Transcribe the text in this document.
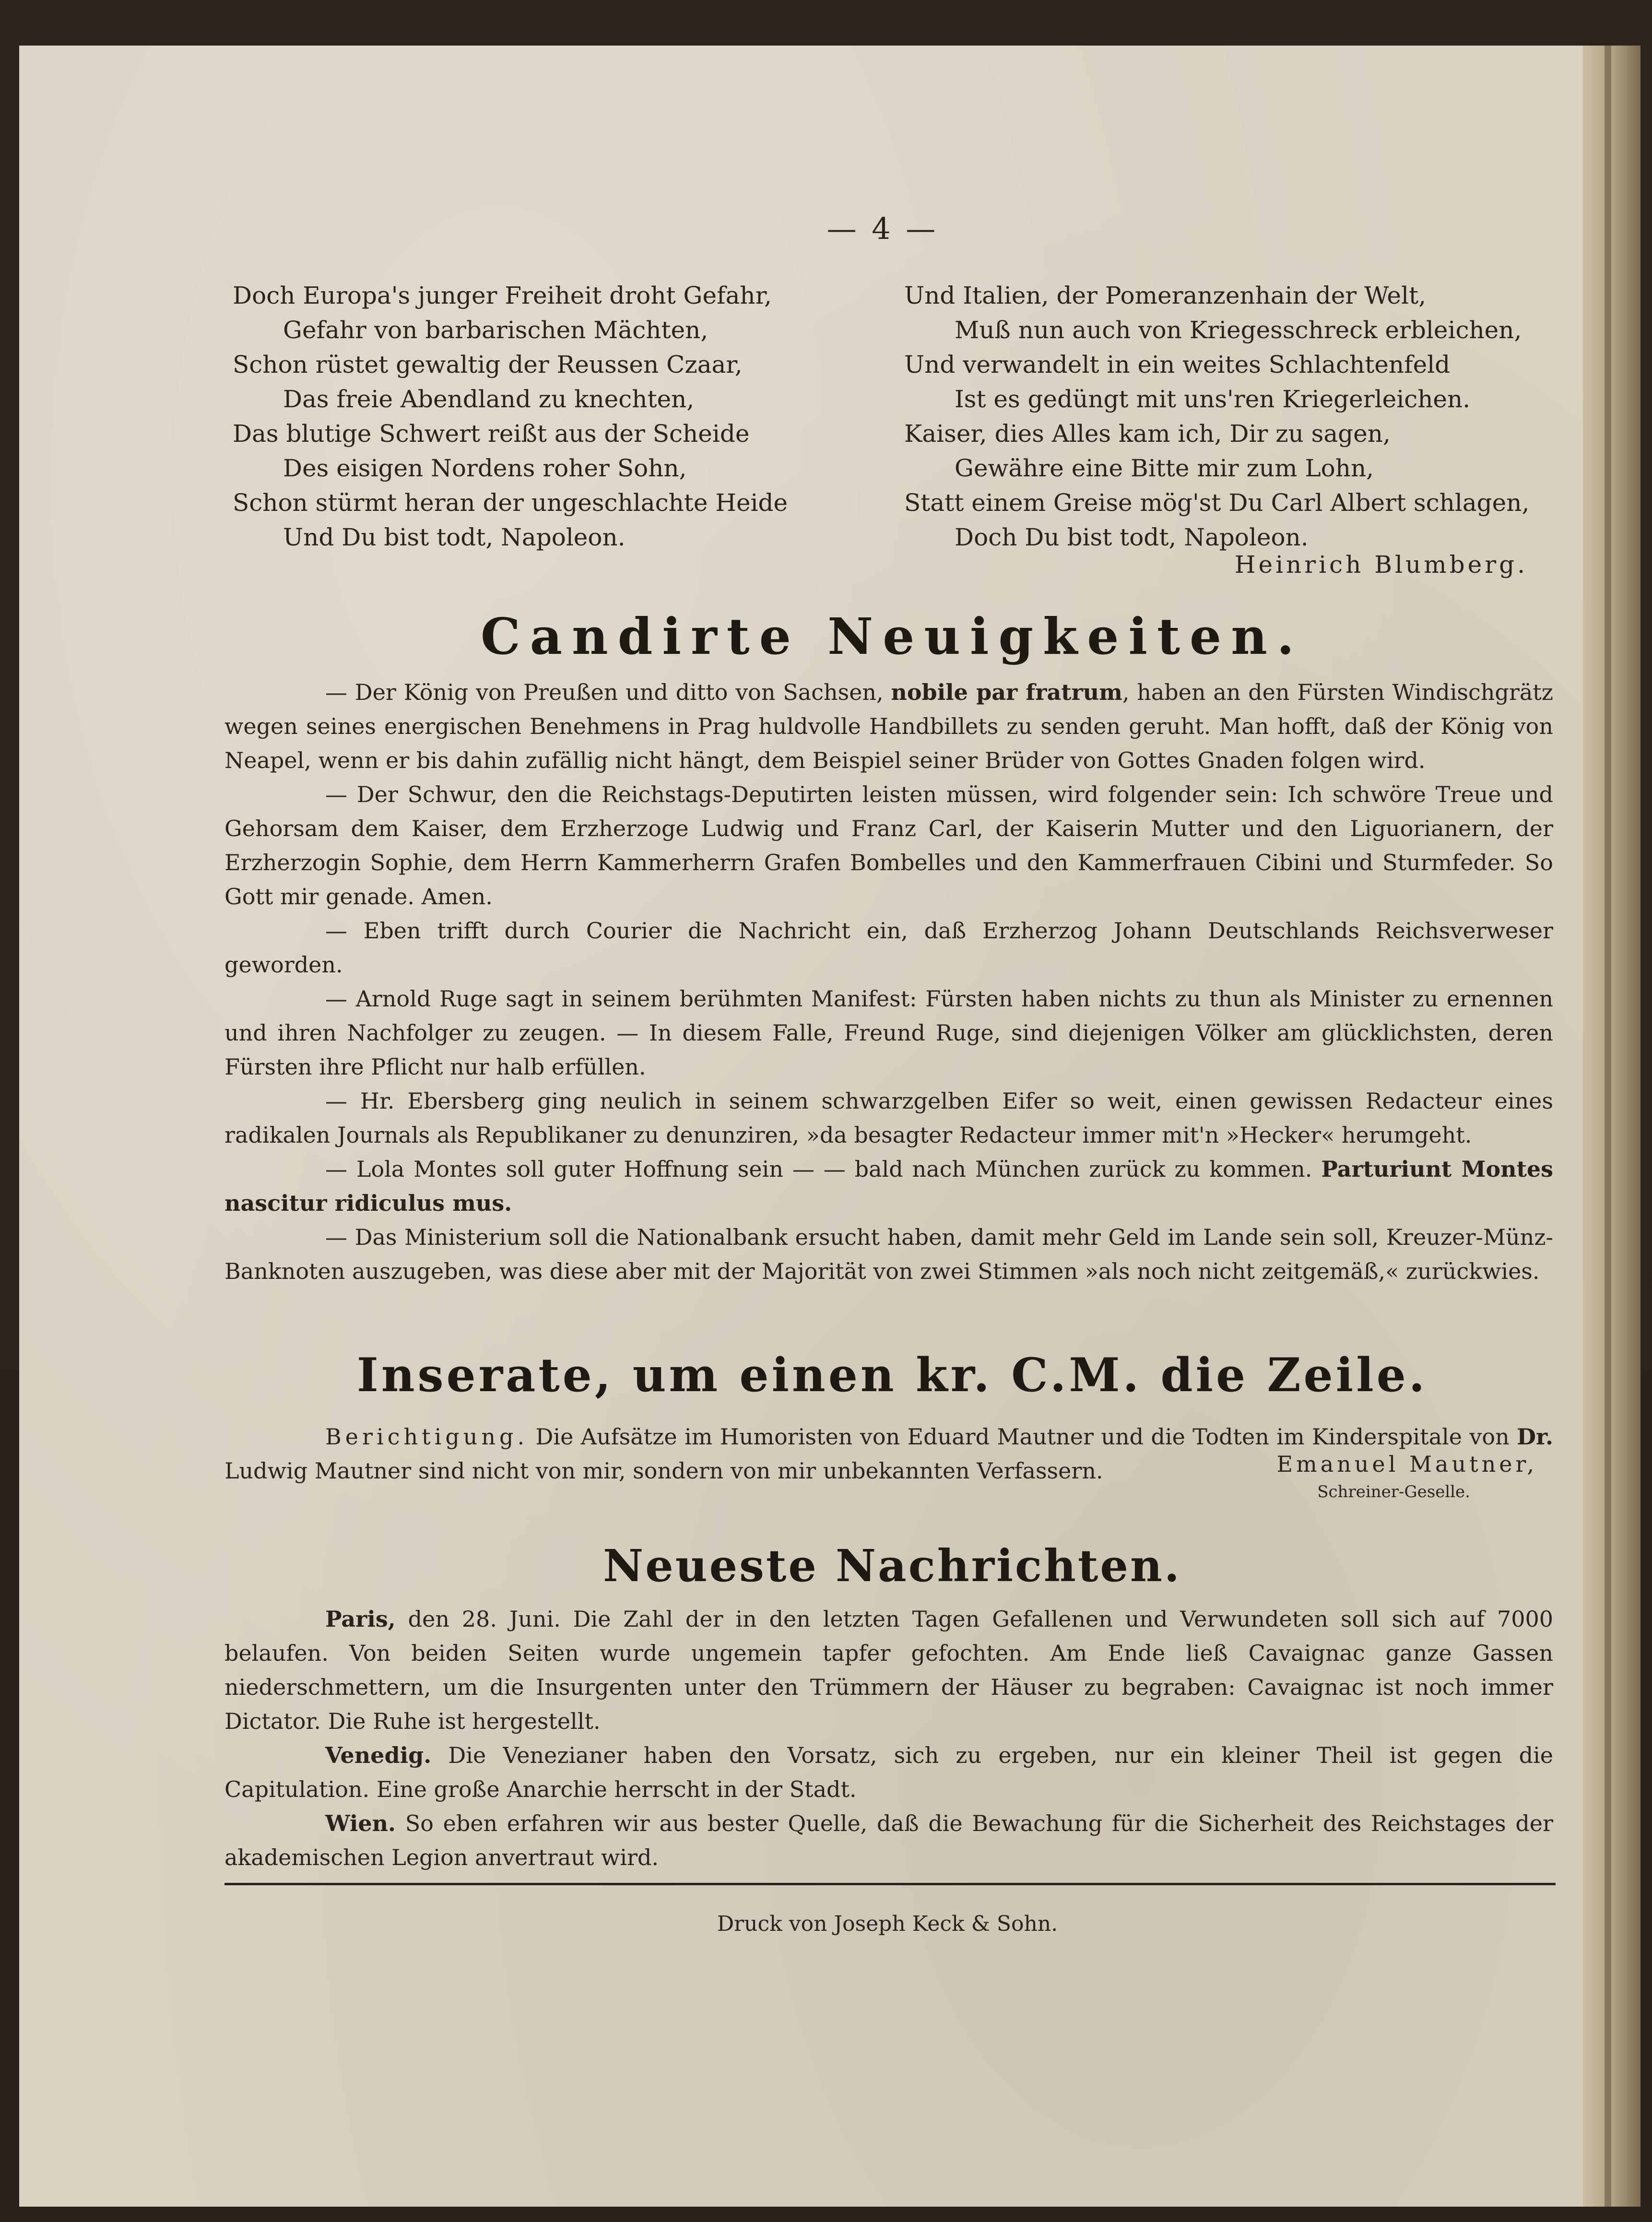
— 4 —
Doch Europa's junger Freiheit droht Gefahr,
Gefahr von barbarischen Mächten,
Schon rüstet gewaltig der Reussen Czaar,
Das freie Abendland zu knechten,
Das blutige Schwert reißt aus der Scheide
Des eisigen Nordens roher Sohn,
Schon stürmt heran der ungeschlachte Heide
Und Du bist todt, Napoleon.
Und Italien, der Pomeranzenhain der Welt,
Muß nun auch von Kriegesschreck erbleichen,
Und verwandelt in ein weites Schlachtenfeld
Ist es gedüngt mit uns'ren Kriegerleichen.
Kaiser, dies Alles kam ich, Dir zu sagen,
Gewähre eine Bitte mir zum Lohn,
Statt einem Greise mög'st Du Carl Albert schlagen,
Doch Du bist todt, Napoleon.
Heinrich Blumberg.
Candirte Neuigkeiten.

— Der König von Preußen und ditto von Sachsen, nobile par fratrum, haben an den Fürsten Windischgrätz wegen seines energischen Benehmens in Prag huldvolle Handbillets zu senden geruht. Man hofft, daß der König von Neapel, wenn er bis dahin zufällig nicht hängt, dem Beispiel seiner Brüder von Gottes Gnaden folgen wird.

— Der Schwur, den die Reichstags-Deputirten leisten müssen, wird folgender sein: Ich schwöre Treue und Gehorsam dem Kaiser, dem Erzherzoge Ludwig und Franz Carl, der Kaiserin Mutter und den Liguorianern, der Erzherzogin Sophie, dem Herrn Kammerherrn Grafen Bombelles und den Kammerfrauen Cibini und Sturmfeder. So Gott mir genade. Amen.

— Eben trifft durch Courier die Nachricht ein, daß Erzherzog Johann Deutschlands Reichsverweser geworden.

— Arnold Ruge sagt in seinem berühmten Manifest: Fürsten haben nichts zu thun als Minister zu ernennen und ihren Nachfolger zu zeugen. — In diesem Falle, Freund Ruge, sind diejenigen Völker am glücklichsten, deren Fürsten ihre Pflicht nur halb erfüllen.

— Hr. Ebersberg ging neulich in seinem schwarzgelben Eifer so weit, einen gewissen Redacteur eines radikalen Journals als Republikaner zu denunziren, »da besagter Redacteur immer mit'n »Hecker« herumgeht.

— Lola Montes soll guter Hoffnung sein — — bald nach München zurück zu kommen. Parturiunt Montes nascitur ridiculus mus.

— Das Ministerium soll die Nationalbank ersucht haben, damit mehr Geld im Lande sein soll, Kreuzer-Münz-Banknoten auszugeben, was diese aber mit der Majorität von zwei Stimmen »als noch nicht zeitgemäß,« zurückwies.

Inserate, um einen kr. C.M. die Zeile.

Berichtigung. Die Aufsätze im Humoristen von Eduard Mautner und die Todten im Kinderspitale von Dr. Ludwig Mautner sind nicht von mir, sondern von mir unbekannten Verfassern.	Emanuel Mautner,
Schreiner-Geselle.
Neueste Nachrichten.

Paris, den 28. Juni. Die Zahl der in den letzten Tagen Gefallenen und Verwundeten soll sich auf 7000 belaufen. Von beiden Seiten wurde ungemein tapfer gefochten. Am Ende ließ Cavaignac ganze Gassen niederschmettern, um die Insurgenten unter den Trümmern der Häuser zu begraben: Cavaignac ist noch immer Dictator. Die Ruhe ist hergestellt.

Venedig. Die Venezianer haben den Vorsatz, sich zu ergeben, nur ein kleiner Theil ist gegen die Capitulation. Eine große Anarchie herrscht in der Stadt.

Wien. So eben erfahren wir aus bester Quelle, daß die Bewachung für die Sicherheit des Reichstages der akademischen Legion anvertraut wird.

Druck von Joseph Keck & Sohn.
